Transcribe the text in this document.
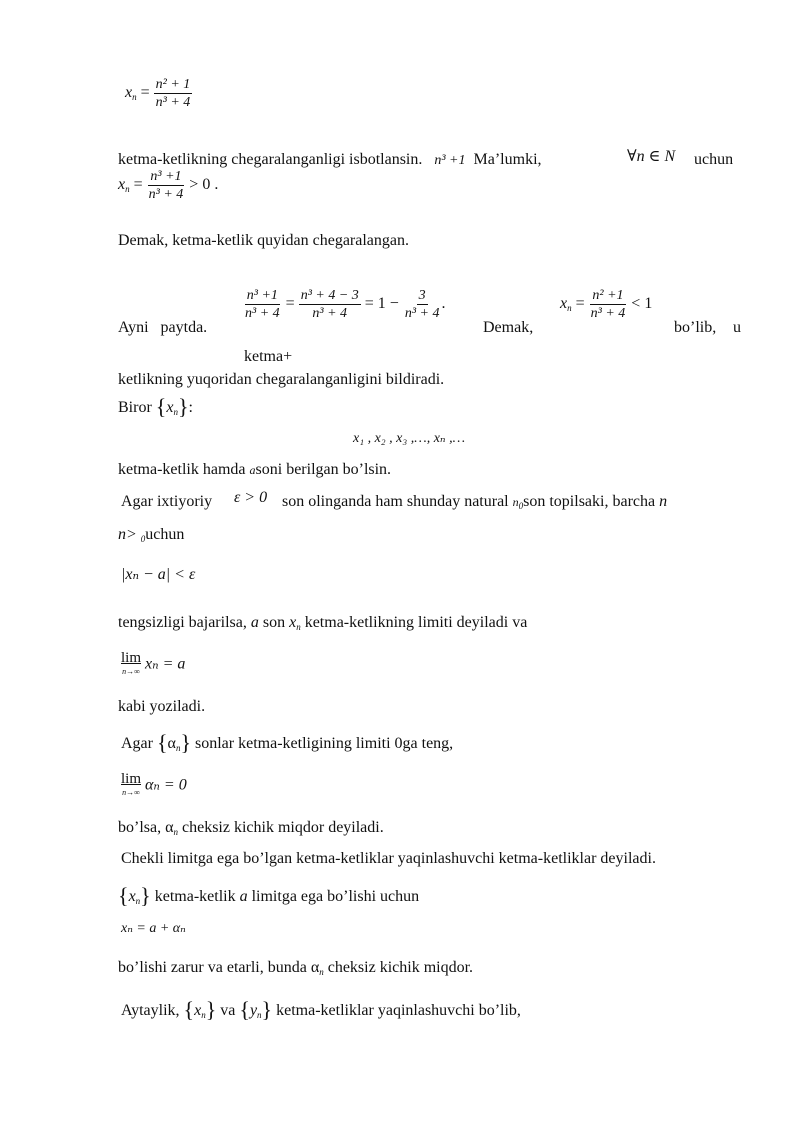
$x_n = \frac{\text{n² + 1}}{\text{n³ + 4}}$
ketma-ketlikning chegaralanganligi isbotlansin. n³ +1 Ma’lumki,	∀n ∈ N uchun
$x_n = \frac{\text{n³ +1}}{\text{n³ + 4}} > 0$ .
Demak, ketma-ketlik quyidan chegaralangan.
Ayni paytda.
$\frac{\text{n³ +1}}{\text{n³ + 4}} = \frac{\text{n³ + 4 − 3}}{\text{n³ + 4}} = 1 - \frac{3}{\text{n³ + 4}}$ .
Demak,
$x_n = \frac{\text{n² +1}}{\text{n³ + 4}} < 1$
bo’lib, u
ketma+
ketlikning yuqoridan chegaralanganligini bildiradi.
Biror $\{x_n\}$:
x₁ , x₂ , x₃ ,…, xₙ ,…
ketma-ketlik hamda asoni berilgan bo’lsin.
Agar ixtiyoriy ε > 0 son olinganda ham shunday natural $n_0son$ topilsaki, barcha n
n> $_0$uchun
|xₙ − a| < ε
tengsizligi bajarilsa, a son $x_n$ ketma-ketlikning limiti deyiladi va
lim
n→∞ xₙ = a
kabi yoziladi.
Agar $\{\alpha_n\}$ sonlar ketma-ketligining limiti 0ga teng,
lim
n→∞ αₙ = 0
bo’lsa, $\alpha_n$ cheksiz kichik miqdor deyiladi.
Chekli limitga ega bo’lgan ketma-ketliklar yaqinlashuvchi ketma-ketliklar deyiladi.
$\{x_n\}$ ketma-ketlik a limitga ega bo’lishi uchun
xₙ = a + αₙ
bo’lishi zarur va etarli, bunda $\alpha_n$ cheksiz kichik miqdor.
Aytaylik, $\{x_n\}$ va $\{y_n\}$ ketma-ketliklar yaqinlashuvchi bo’lib,
